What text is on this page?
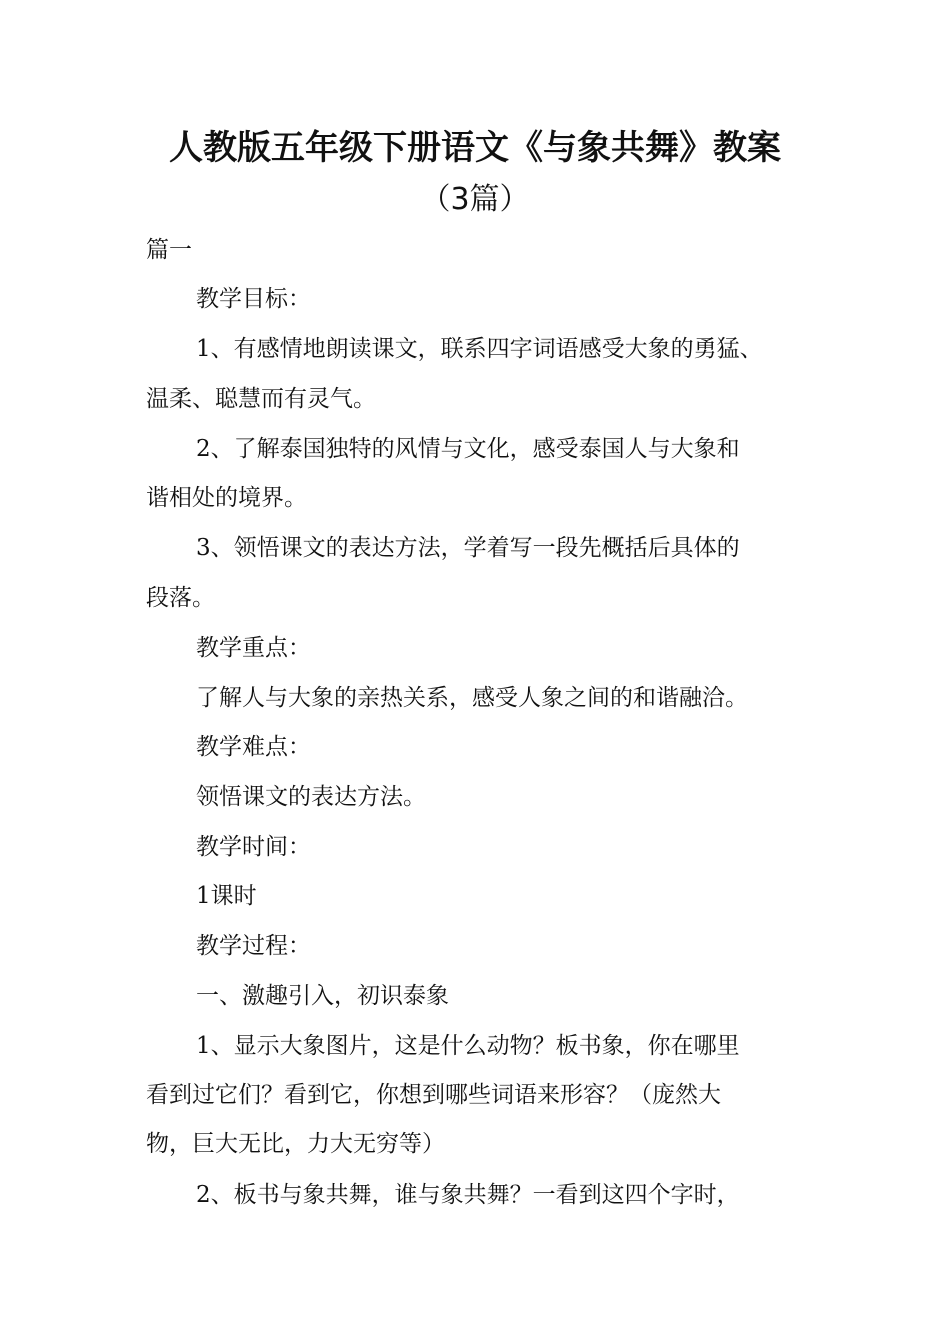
人教版五年级下册语文《与象共舞》教案
（3篇）
篇一
教学目标：
1、有感情地朗读课文，联系四字词语感受大象的勇猛、
温柔、聪慧而有灵气。
2、了解泰国独特的风情与文化，感受泰国人与大象和
谐相处的境界。
3、领悟课文的表达方法，学着写一段先概括后具体的
段落。
教学重点：
了解人与大象的亲热关系，感受人象之间的和谐融洽。
教学难点：
领悟课文的表达方法。
教学时间：
1课时
教学过程：
一、激趣引入，初识泰象
1、显示大象图片，这是什么动物？板书象，你在哪里
看到过它们？看到它，你想到哪些词语来形容？（庞然大
物，巨大无比，力大无穷等）
2、板书与象共舞，谁与象共舞？一看到这四个字时，
